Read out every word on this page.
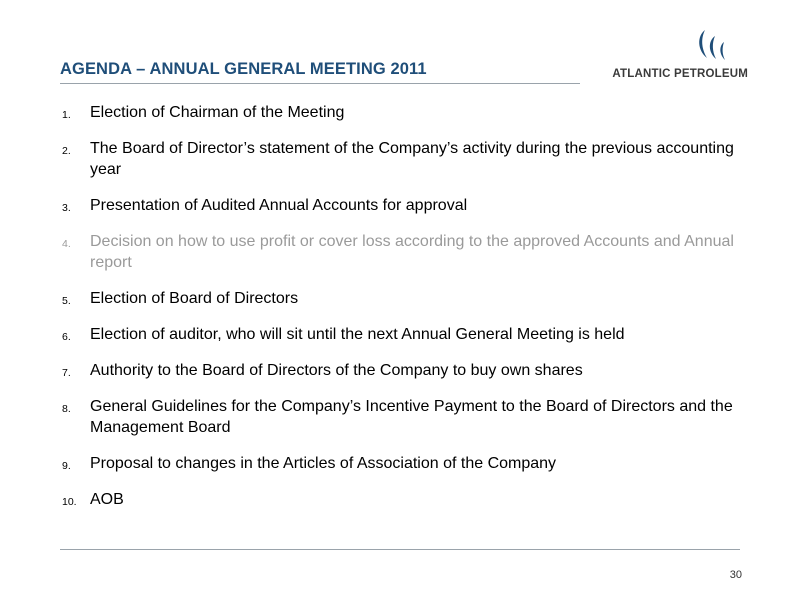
AGENDA – ANNUAL GENERAL MEETING 2011	ATLANTIC PETROLEUM
1. Election of Chairman of the Meeting
2. The Board of Director’s statement of the Company’s activity during the previous accounting year
3. Presentation of Audited Annual Accounts for approval
4. Decision on how to use profit or cover loss according to the approved Accounts and Annual report
5. Election of Board of Directors
6. Election of auditor, who will sit until the next Annual General Meeting is held
7. Authority to the Board of Directors of the Company to buy own shares
8. General Guidelines for the Company’s Incentive Payment to the Board of Directors and the Management Board
9. Proposal to changes in the Articles of Association of the Company
10. AOB
30
